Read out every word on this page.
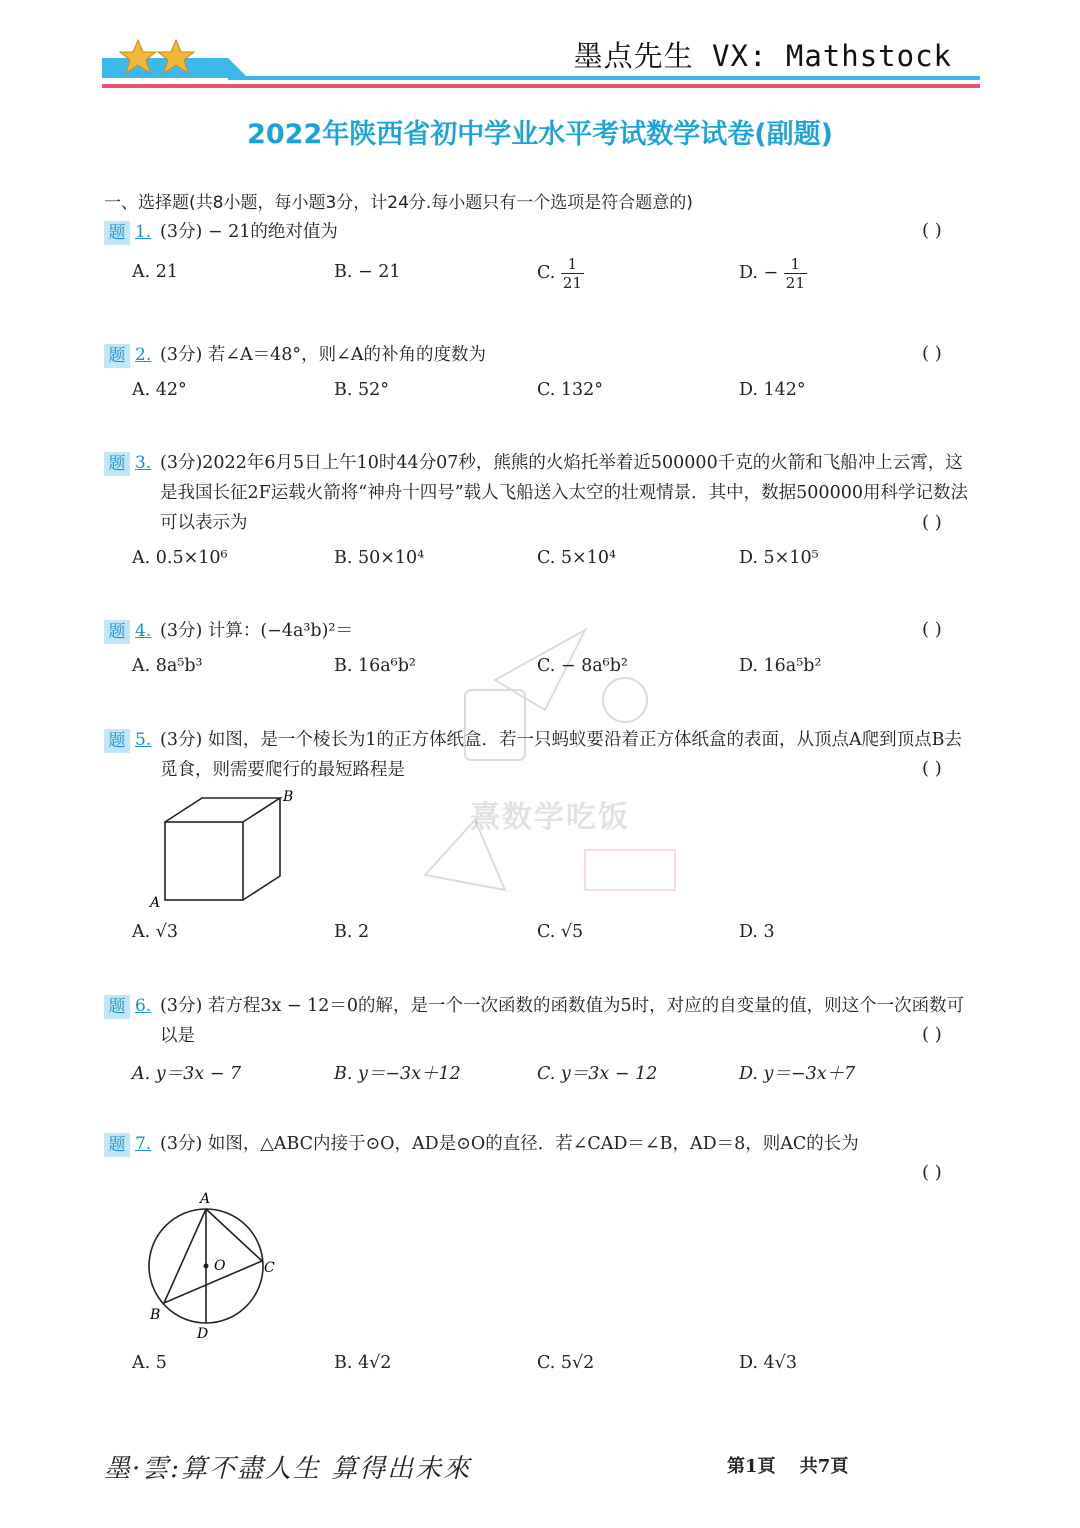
墨点先生 VX: Mathstock
2022年陕西省初中学业水平考试数学试卷(副题)
一、选择题(共8小题，每小题3分，计24分.每小题只有一个选项是符合题意的)
熹数学吃饭
题 1. (3分) − 21的绝对值为	( )
A. 21	B. − 21	C. $\frac{1}{21}$	D. − $\frac{1}{21}$
题 2. (3分) 若∠A＝48°，则∠A的补角的度数为	( )
A. 42°	B. 52°	C. 132°	D. 142°
题 3. (3分)2022年6月5日上午10时44分07秒，熊熊的火焰托举着近500000千克的火箭和飞船冲上云霄，这是我国长征2F运载火箭将“神舟十四号”载人飞船送入太空的壮观情景．其中，数据500000用科学记数法可以表示为	( )
A. 0.5×10⁶	B. 50×10⁴	C. 5×10⁴	D. 5×10⁵
题 4. (3分) 计算：(−4a³b)²＝	( )
A. 8a⁵b³	B. 16a⁶b²	C. − 8a⁶b²	D. 16a⁵b²
题 5. (3分) 如图，是一个棱长为1的正方体纸盒．若一只蚂蚁要沿着正方体纸盒的表面，从顶点A爬到顶点B去觅食，则需要爬行的最短路程是	( )
A
B
A. √3	B. 2	C. √5	D. 3
题 6. (3分) 若方程3x − 12＝0的解，是一个一次函数的函数值为5时，对应的自变量的值，则这个一次函数可以是	( )
A. y＝3x − 7	B. y＝−3x＋12	C. y＝3x − 12	D. y＝−3x＋7
题 7. (3分) 如图，△ABC内接于⊙O，AD是⊙O的直径．若∠CAD＝∠B，AD＝8，则AC的长为
( )
A
O	C
B
D
A. 5	B. 4√2	C. 5√2	D. 4√3
墨·雲:算不盡人生 算得出未來	第1頁　 共7頁
